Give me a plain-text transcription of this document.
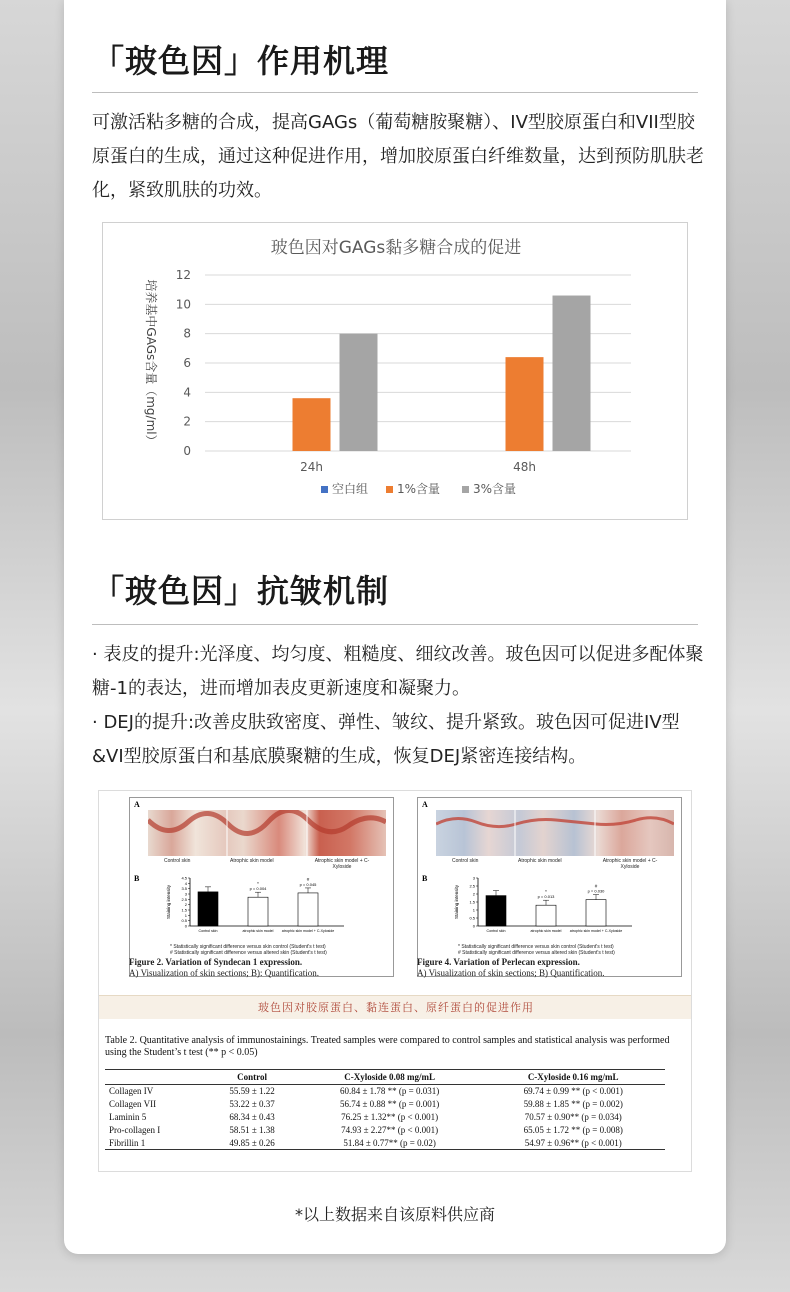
「玻色因」作用机理
可激活粘多糖的合成，提高GAGs（葡萄糖胺聚糖）、IV型胶原蛋白和VII型胶原蛋白的生成，通过这种促进作用，增加胶原蛋白纤维数量，达到预防肌肤老化，紧致肌肤的功效。
玻色因对GAGs黏多糖合成的促进
0
2
4
6
8
10
12
24h	48h
培养基中GAGs含量（mg/ml）
空白组 1%含量	3%含量
「玻色因」抗皱机制
· 表皮的提升:光泽度、均匀度、粗糙度、细纹改善。玻色因可以促进多配体聚糖-1的表达，进而增加表皮更新速度和凝聚力。
· DEJ的提升:改善皮肤致密度、弹性、皱纹、提升紧致。玻色因可促进IV型&VI型胶原蛋白和基底膜聚糖的生成，恢复DEJ紧密连接结构。
A
Control skin	Atrophic skin model	Atrophic skin model + C-Xyloside
B
0
0.5
1
1.5
2
2.5
3
3.5
4
4.5
Staining intensity
Control skin	atrophic skin model atrophic skin model + C-Xyloside
*
p = 0.004
#
p = 0.045
* Statistically significant difference versus skin control (Student's t test)
# Statistically significant difference versus altered skin (Student's t test)
Figure 2. Variation of Syndecan 1 expression.
A) Visualization of skin sections; B): Quantification.
A
Control skin	Atrophic skin model	Atrophic skin model + C-Xyloside
B
0
0.5
1
1.5
2
2.5
3
Staining intensity
Control skin	atrophic skin model atrophic skin model + C-Xyloside
*
p = 0.013
#
p = 0.030
* Statistically significant difference versus skin control (Student's t test)
# Statistically significant difference versus altered skin (Student's t test)
Figure 4. Variation of Perlecan expression.
A) Visualization of skin sections; B) Quantification.
玻色因对胶原蛋白、黏连蛋白、原纤蛋白的促进作用
Table 2. Quantitative analysis of immunostainings. Treated samples were compared to control samples and statistical analysis was performed using the Student’s t test (** p < 0.05)
	Control	C-Xyloside 0.08 mg/mL	C-Xyloside 0.16 mg/mL
Collagen IV	55.59 ± 1.22	60.84 ± 1.78 ** (p = 0.031)	69.74 ± 0.99 ** (p < 0.001)
Collagen VII	53.22 ± 0.37	56.74 ± 0.88 ** (p = 0.001)	59.88 ± 1.85 ** (p = 0.002)
Laminin 5	68.34 ± 0.43	76.25 ± 1.32** (p < 0.001)	70.57 ± 0.90** (p = 0.034)
Pro-collagen I	58.51 ± 1.38	74.93 ± 2.27** (p < 0.001)	65.05 ± 1.72 ** (p = 0.008)
Fibrillin 1	49.85 ± 0.26	51.84 ± 0.77** (p = 0.02)	54.97 ± 0.96** (p < 0.001)
*以上数据来自该原料供应商
